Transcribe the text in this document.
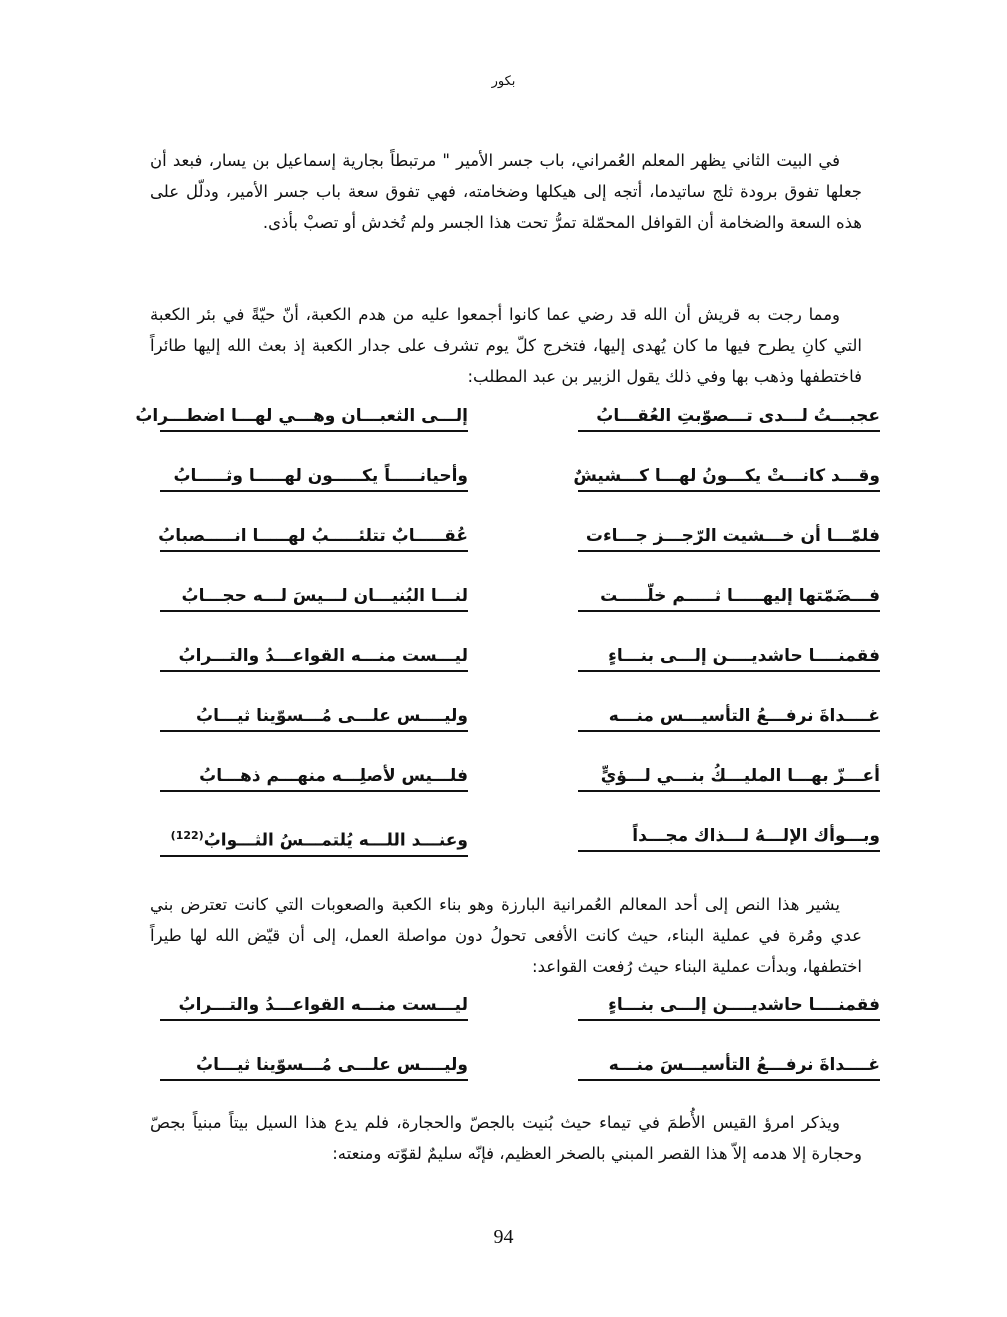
بكور

في البيت الثاني يظهر المعلم العُمراني، باب جسر الأمير " مرتبطاً بجارية إسماعيل بن يسار، فبعد أن جعلها تفوق برودة ثلج ساتيدما، أتجه إلى هيكلها وضخامته، فهي تفوق سعة باب جسر الأمير، ودلّل على هذه السعة والضخامة أن القوافل المحمّلة تمرُّ تحت هذا الجسر ولم تُخدش أو تصبْ بأذى.

ومما رجت به قريش أن الله قد رضي عما كانوا أجمعوا عليه من هدم الكعبة، أنّ حيّةً في بئر الكعبة التي كانِ يطرح فيها ما كان يُهدى إليها، فتخرج كلّ يوم تشرف على جدار الكعبة إذ بعث الله إليها طائراً فاختطفها وذهب بها وفي ذلك يقول الزبير بن عبد المطلب:

عجبـــتُ لـــدى تـــصوّبتِ العُقـــابُ
إلـــى الثعبـــان وهـــي لهـــا اضطـــرابُ
وقـــد كانـــتْ يكـــونُ لهـــا كـــشيشٌ
وأحيانـــــاً يكـــــون لهـــــا وثـــــابُ
فلمّـــا أن خـــشيت الرّجـــز جـــاءت
عُقـــــابٌ تتلئـــــبُ لهـــــا انـــــصبابُ
فـــضَمّتها إليهـــــا ثـــــم خلّـــــت
لنـــا البُنيـــان لـــيسَ لـــه حجـــابُ
فقمنــــا حاشديــــن إلـــى بنـــاءٍ
ليـــست منـــه القواعـــدُ والتـــرابُ
غــــداةَ نرفـــعُ التأسيـــس منـــه
وليــــس علـــى مُـــسوّينا ثيـــابُ
أعـــزّ بهـــا المليـــكُ بنـــي لـــؤيٍّ
فلـــيس لأصلِـــه منهـــم ذهـــابُ
وبـــوأك الإلـــهُ لـــذاك مجـــداً
وعنـــد اللـــه يُلتمـــسُ الثـــوابُ$^{(122)}$

يشير هذا النص إلى أحد المعالم العُمرانية البارزة وهو بناء الكعبة والصعوبات التي كانت تعترض بني عدي ومُرة في عملية البناء، حيث كانت الأفعى تحولُ دون مواصلة العمل، إلى أن قيّض الله لها طيراً اختطفها، وبدأت عملية البناء حيث رُفعت القواعد:

فقمنــــا حاشديــــن إلـــى بنـــاءٍ
ليـــست منـــه القواعـــدُ والتـــرابُ
غــــداةَ نرفـــعُ التأسيـــسَ منـــه
وليــــس علـــى مُـــسوّينا ثيـــابُ

ويذكر امرؤ القيس الأُطمَ في تيماء حيث بُنيت بالجصّ والحجارة، فلم يدع هذا السيل بيتاً مبنياً بجصّ وحجارة إلا هدمه إلاّ هذا القصر المبني بالصخر العظيم، فإنّه سليمٌ لقوّته ومنعته:

94
